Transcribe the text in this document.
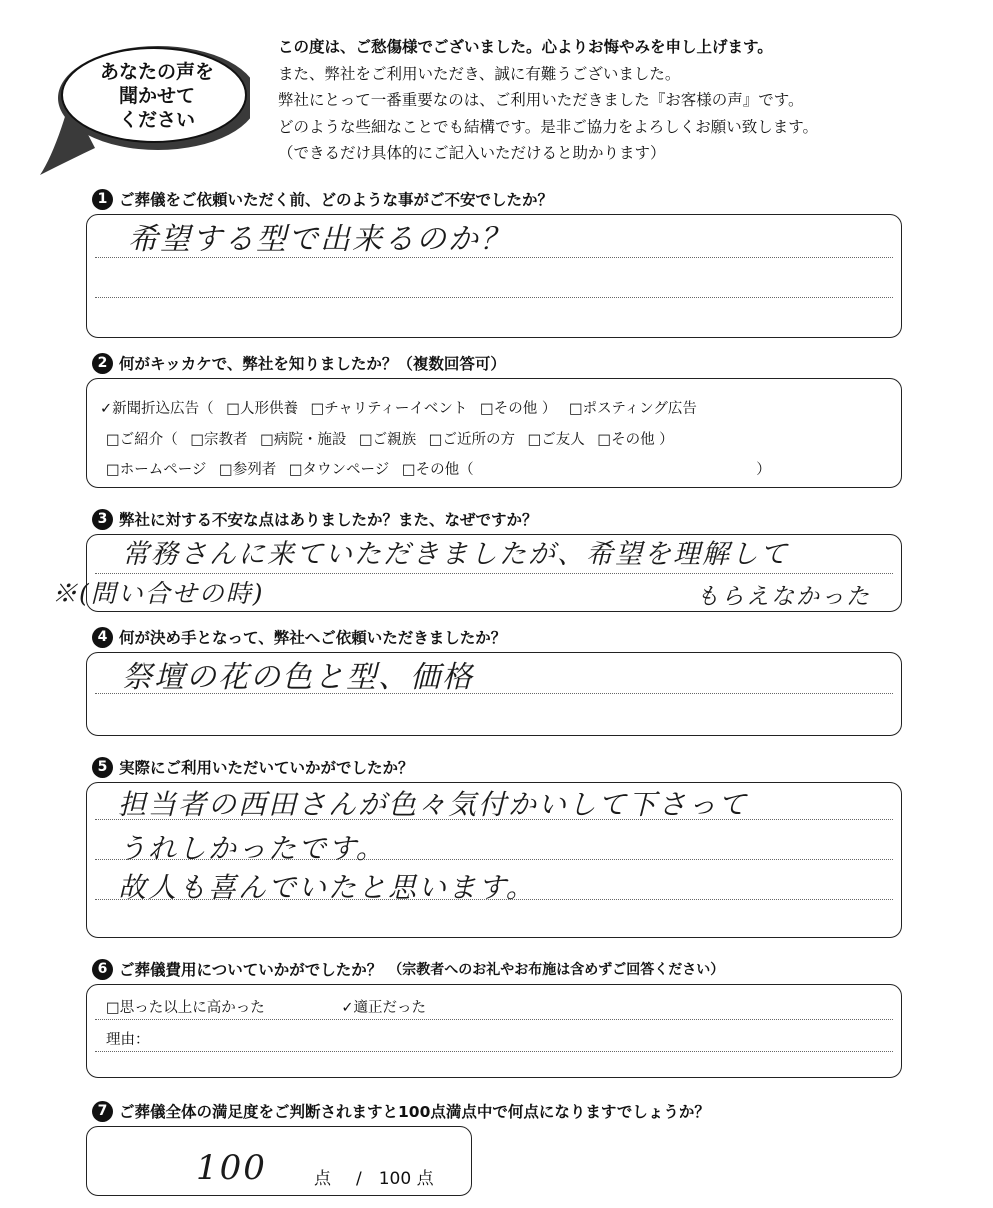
あなたの声を
聞かせて
ください
この度は、ご愁傷様でございました。心よりお悔やみを申し上げます。
また、弊社をご利用いただき、誠に有難うございました。
弊社にとって一番重要なのは、ご利用いただきました『お客様の声』です。
どのような些細なことでも結構です。是非ご協力をよろしくお願い致します。
（できるだけ具体的にご記入いただけると助かります）
1 ご葬儀をご依頼いただく前、どのような事がご不安でしたか？
希望する型で出来るのか？
2 何がキッカケで、弊社を知りましたか？（複数回答可）
✓新聞折込広告（ □人形供養 □チャリティーイベント □その他 ） □ポスティング広告
□ご紹介（ □宗教者 □病院・施設 □ご親族 □ご近所の方 □ご友人 □その他 ）
□ホームページ □参列者 □タウンページ □その他（	）
3 弊社に対する不安な点はありましたか？また、なぜですか？
常務さんに来ていただきましたが、希望を理解して
もらえなかった
※(問い合せの時)
4 何が決め手となって、弊社へご依頼いただきましたか？
祭壇の花の色と型、価格
5 実際にご利用いただいていかがでしたか？
担当者の西田さんが色々気付かいして下さって
うれしかったです。
故人も喜んでいたと思います。
6 ご葬儀費用についていかがでしたか？ （宗教者へのお礼やお布施は含めずご回答ください）
□思った以上に高かった	✓適正だった
理由：
7 ご葬儀全体の満足度をご判断されますと100点満点中で何点になりますでしょうか？
100	点 /　100 点
